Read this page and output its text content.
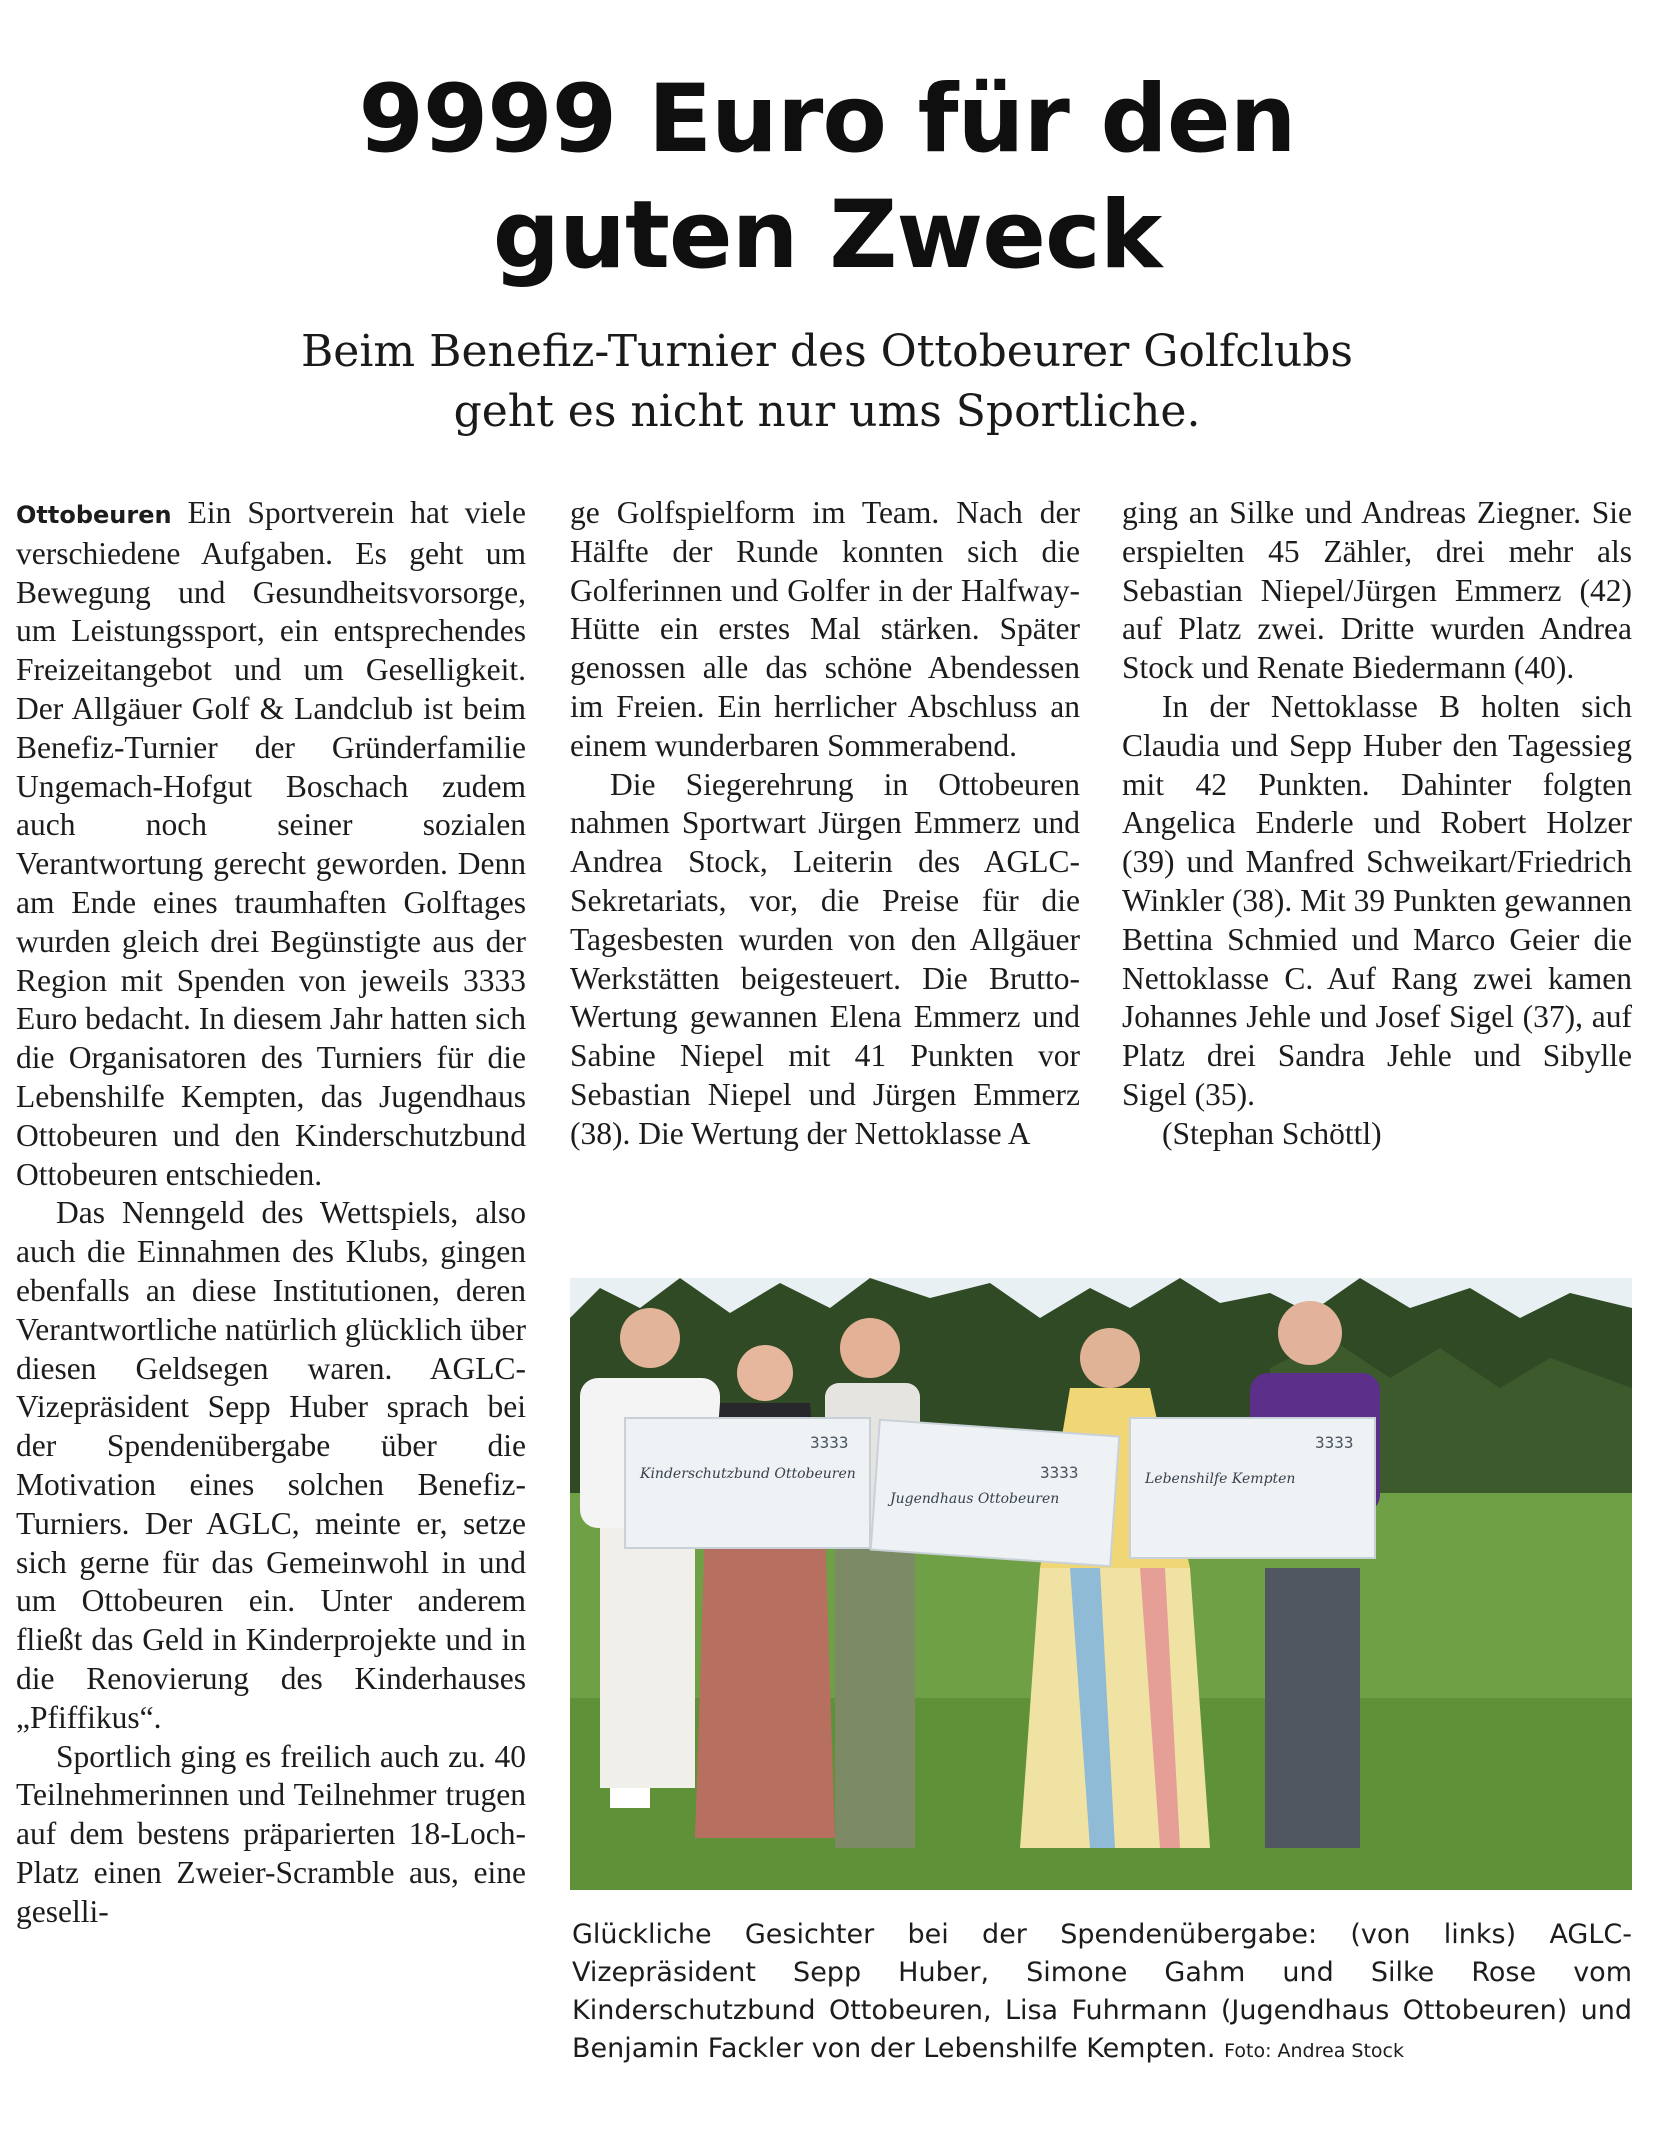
9999 Euro für den
guten Zweck
Beim Benefiz-Turnier des Ottobeurer Golfclubs
geht es nicht nur ums Sportliche.

Ottobeuren Ein Sportverein hat viele verschiedene Aufgaben. Es geht um Bewegung und Gesundheitsvorsorge, um Leistungssport, ein entsprechendes Freizeitangebot und um Geselligkeit. Der Allgäuer Golf & Landclub ist beim Benefiz-Turnier der Gründerfamilie Ungemach-Hofgut Boschach zudem auch noch seiner sozialen Verantwortung gerecht geworden. Denn am Ende eines traumhaften Golftages wurden gleich drei Begünstigte aus der Region mit Spenden von jeweils 3333 Euro bedacht. In diesem Jahr hatten sich die Organisatoren des Turniers für die Lebenshilfe Kempten, das Jugendhaus Ottobeuren und den Kinderschutzbund Ottobeuren entschieden.

Das Nenngeld des Wettspiels, also auch die Einnahmen des Klubs, gingen ebenfalls an diese Institutionen, deren Verantwortliche natürlich glücklich über diesen Geldsegen waren. AGLC-Vizepräsident Sepp Huber sprach bei der Spendenübergabe über die Motivation eines solchen Benefiz-Turniers. Der AGLC, meinte er, setze sich gerne für das Gemeinwohl in und um Ottobeuren ein. Unter anderem fließt das Geld in Kinderprojekte und in die Renovierung des Kinderhauses „Pfiffikus“.

Sportlich ging es freilich auch zu. 40 Teilnehmerinnen und Teilnehmer trugen auf dem bestens präparierten 18-Loch-Platz einen Zweier-Scramble aus, eine geselli-

ge Golfspielform im Team. Nach der Hälfte der Runde konnten sich die Golferinnen und Golfer in der Halfway-Hütte ein erstes Mal stärken. Später genossen alle das schöne Abendessen im Freien. Ein herrlicher Abschluss an einem wunderbaren Sommerabend.

Die Siegerehrung in Ottobeuren nahmen Sportwart Jürgen Emmerz und Andrea Stock, Leiterin des AGLC-Sekretariats, vor, die Preise für die Tagesbesten wurden von den Allgäuer Werkstätten beigesteuert. Die Brutto-Wertung gewannen Elena Emmerz und Sabine Niepel mit 41 Punkten vor Sebastian Niepel und Jürgen Emmerz (38). Die Wertung der Nettoklasse A

ging an Silke und Andreas Ziegner. Sie erspielten 45 Zähler, drei mehr als Sebastian Niepel/Jürgen Emmerz (42) auf Platz zwei. Dritte wurden Andrea Stock und Renate Biedermann (40).

In der Nettoklasse B holten sich Claudia und Sepp Huber den Tagessieg mit 42 Punkten. Dahinter folgten Angelica Enderle und Robert Holzer (39) und Manfred Schweikart/Friedrich Winkler (38). Mit 39 Punkten gewannen Bettina Schmied und Marco Geier die Nettoklasse C. Auf Rang zwei kamen Johannes Jehle und Josef Sigel (37), auf Platz drei Sandra Jehle und Sibylle Sigel (35).

(Stephan Schöttl)

3333
Kinderschutzbund Ottobeuren	3333
Jugendhaus Ottobeuren
3333
Lebenshilfe Kempten

Glückliche Gesichter bei der Spendenübergabe: (von links) AGLC-Vizepräsident Sepp Huber, Simone Gahm und Silke Rose vom Kinderschutzbund Ottobeuren, Lisa Fuhrmann (Jugendhaus Ottobeuren) und Benjamin Fackler von der Lebenshilfe Kempten. Foto: Andrea Stock
